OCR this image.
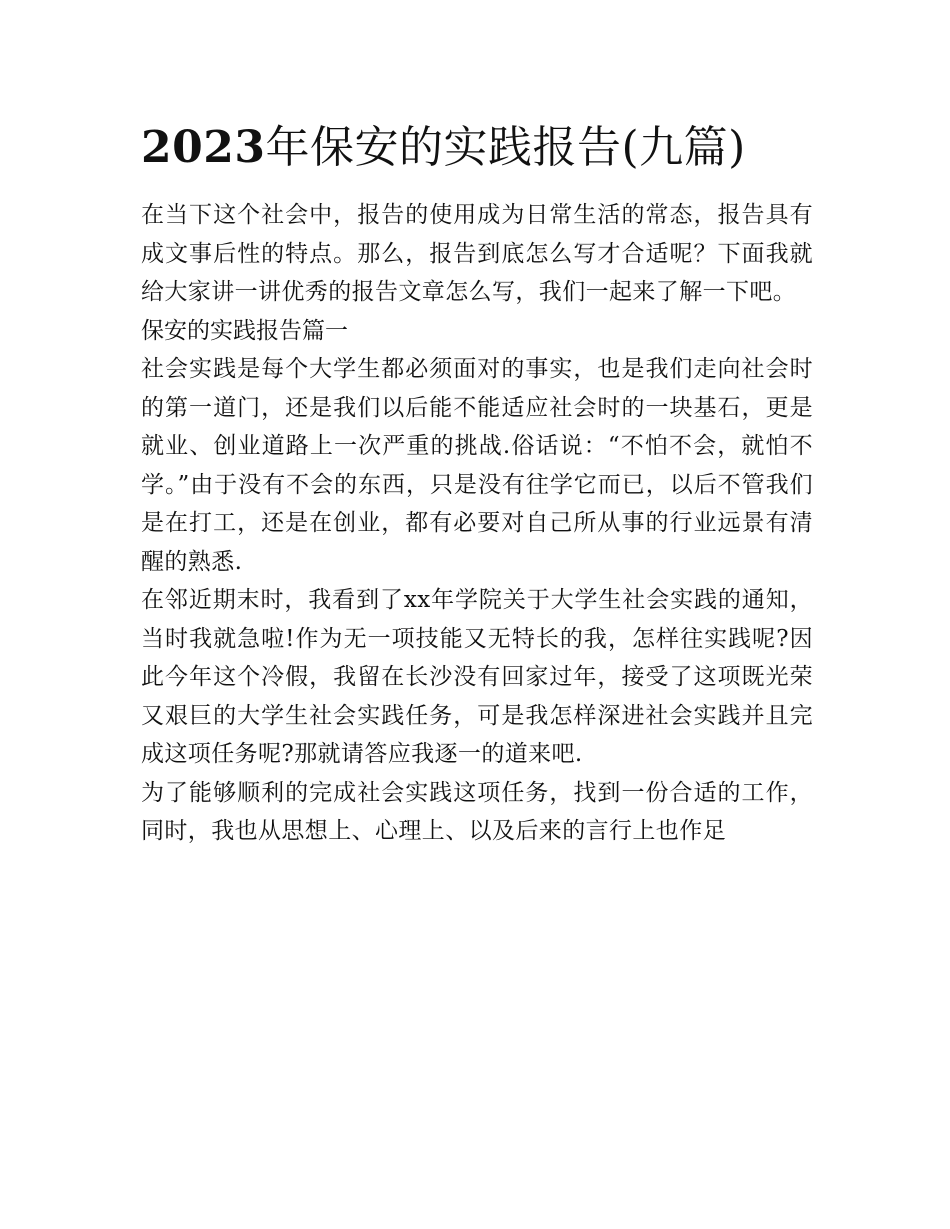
2023年保安的实践报告(九篇)

在当下这个社会中，报告的使用成为日常生活的常态，报告具有成文事后性的特点。那么，报告到底怎么写才合适呢？下面我就给大家讲一讲优秀的报告文章怎么写，我们一起来了解一下吧。

保安的实践报告篇一

社会实践是每个大学生都必须面对的事实，也是我们走向社会时的第一道门，还是我们以后能不能适应社会时的一块基石，更是就业、创业道路上一次严重的挑战.俗话说：“不怕不会，就怕不学。”由于没有不会的东西，只是没有往学它而已，以后不管我们是在打工，还是在创业，都有必要对自己所从事的行业远景有清醒的熟悉.

在邻近期末时，我看到了xx年学院关于大学生社会实践的通知，当时我就急啦!作为无一项技能又无特长的我，怎样往实践呢?因此今年这个冷假，我留在长沙没有回家过年，接受了这项既光荣又艰巨的大学生社会实践任务，可是我怎样深进社会实践并且完成这项任务呢?那就请答应我逐一的道来吧.

为了能够顺利的完成社会实践这项任务，找到一份合适的工作，同时，我也从思想上、心理上、以及后来的言行上也作足
